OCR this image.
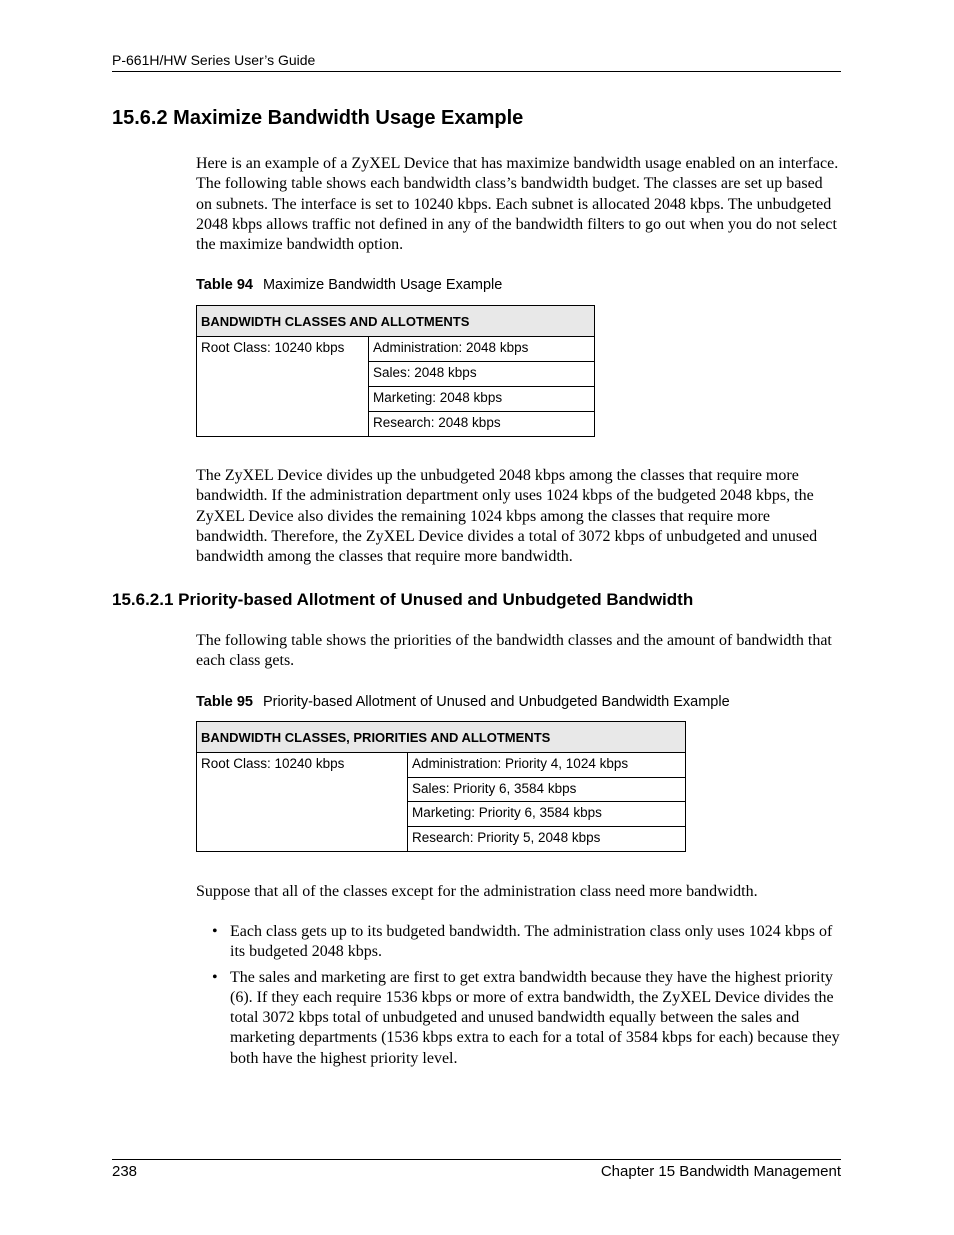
P-661H/HW Series User’s Guide
15.6.2 Maximize Bandwidth Usage Example

Here is an example of a ZyXEL Device that has maximize bandwidth usage enabled on an interface. The following table shows each bandwidth class’s bandwidth budget. The classes are set up based on subnets. The interface is set to 10240 kbps. Each subnet is allocated 2048 kbps. The unbudgeted 2048 kbps allows traffic not defined in any of the bandwidth filters to go out when you do not select the maximize bandwidth option.

Table 94 Maximize Bandwidth Usage Example
BANDWIDTH CLASSES AND ALLOTMENTS
Root Class: 10240 kbps	Administration: 2048 kbps
Sales: 2048 kbps
Marketing: 2048 kbps
Research: 2048 kbps

The ZyXEL Device divides up the unbudgeted 2048 kbps among the classes that require more bandwidth. If the administration department only uses 1024 kbps of the budgeted 2048 kbps, the ZyXEL Device also divides the remaining 1024 kbps among the classes that require more bandwidth. Therefore, the ZyXEL Device divides a total of 3072 kbps of unbudgeted and unused bandwidth among the classes that require more bandwidth.

15.6.2.1 Priority-based Allotment of Unused and Unbudgeted Bandwidth

The following table shows the priorities of the bandwidth classes and the amount of bandwidth that each class gets.

Table 95 Priority-based Allotment of Unused and Unbudgeted Bandwidth Example
BANDWIDTH CLASSES, PRIORITIES AND ALLOTMENTS
Root Class: 10240 kbps	Administration: Priority 4, 1024 kbps
Sales: Priority 6, 3584 kbps
Marketing: Priority 6, 3584 kbps
Research: Priority 5, 2048 kbps

Suppose that all of the classes except for the administration class need more bandwidth.

• Each class gets up to its budgeted bandwidth. The administration class only uses 1024 kbps of its budgeted 2048 kbps.
• The sales and marketing are first to get extra bandwidth because they have the highest priority (6). If they each require 1536 kbps or more of extra bandwidth, the ZyXEL Device divides the total 3072 kbps total of unbudgeted and unused bandwidth equally between the sales and marketing departments (1536 kbps extra to each for a total of 3584 kbps for each) because they both have the highest priority level.
238	Chapter 15 Bandwidth Management
